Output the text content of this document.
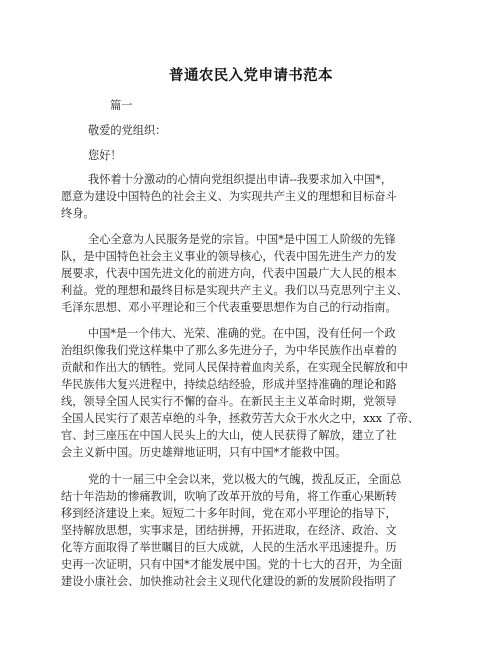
普通农民入党申请书范本
篇一
敬爱的党组织：
您好！
我怀着十分激动的心情向党组织提出申请--我要求加入中国*，
愿意为建设中国特色的社会主义、为实现共产主义的理想和目标奋斗
终身。
全心全意为人民服务是党的宗旨。中国*是中国工人阶级的先锋
队，是中国特色社会主义事业的领导核心，代表中国先进生产力的发
展要求，代表中国先进文化的前进方向，代表中国最广大人民的根本
利益。党的理想和最终目标是实现共产主义。我们以马克思列宁主义、
毛泽东思想、邓小平理论和三个代表重要思想作为自己的行动指南。
中国*是一个伟大、光荣、准确的党。在中国，没有任何一个政
治组织像我们党这样集中了那么多先进分子，为中华民族作出卓着的
贡献和作出大的牺牲。党同人民保持着血肉关系，在实现全民解放和中
华民族伟大复兴进程中，持续总结经验，形成并坚持准确的理论和路
线，领导全国人民实行不懈的奋斗。在新民主主义革命时期，党领导
全国人民实行了艰苦卓绝的斗争，拯救劳苦大众于水火之中，xxx 了帝、
官、封三座压在中国人民头上的大山，使人民获得了解放，建立了社
会主义新中国。历史雄辩地证明，只有中国*才能救中国。
党的十一届三中全会以来，党以极大的气魄，拨乱反正，全面总
结十年浩劫的惨痛教训，吹响了改革开放的号角，将工作重心果断转
移到经济建设上来。短短二十多年时间，党在邓小平理论的指导下，
坚持解放思想，实事求是，团结拼搏，开拓进取，在经济、政治、文
化等方面取得了举世瞩目的巨大成就，人民的生活水平迅速提升。历
史再一次证明，只有中国*才能发展中国。党的十七大的召开，为全面
建设小康社会、加快推动社会主义现代化建设的新的发展阶段指明了
